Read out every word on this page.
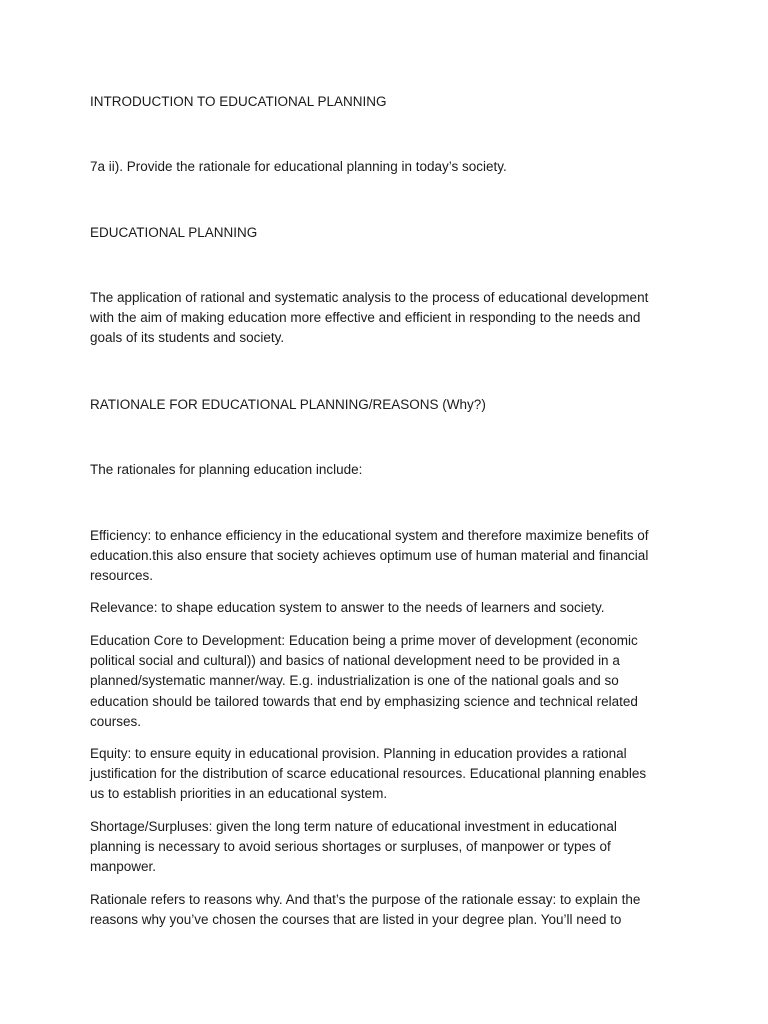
INTRODUCTION TO EDUCATIONAL PLANNING

7a ii). Provide the rationale for educational planning in today’s society.

EDUCATIONAL PLANNING

The application of rational and systematic analysis to the process of educational development
with the aim of making education more effective and efficient in responding to the needs and
goals of its students and society.

RATIONALE FOR EDUCATIONAL PLANNING/REASONS (Why?)

The rationales for planning education include:

Efficiency: to enhance efficiency in the educational system and therefore maximize benefits of
education.this also ensure that society achieves optimum use of human material and financial
resources.
Relevance: to shape education system to answer to the needs of learners and society.
Education Core to Development: Education being a prime mover of development (economic
political social and cultural)) and basics of national development need to be provided in a
planned/systematic manner/way. E.g. industrialization is one of the national goals and so
education should be tailored towards that end by emphasizing science and technical related
courses.
Equity: to ensure equity in educational provision. Planning in education provides a rational
justification for the distribution of scarce educational resources. Educational planning enables
us to establish priorities in an educational system.
Shortage/Surpluses: given the long term nature of educational investment in educational
planning is necessary to avoid serious shortages or surpluses, of manpower or types of
manpower.
Rationale refers to reasons why. And that’s the purpose of the rationale essay: to explain the
reasons why you’ve chosen the courses that are listed in your degree plan. You’ll need to
